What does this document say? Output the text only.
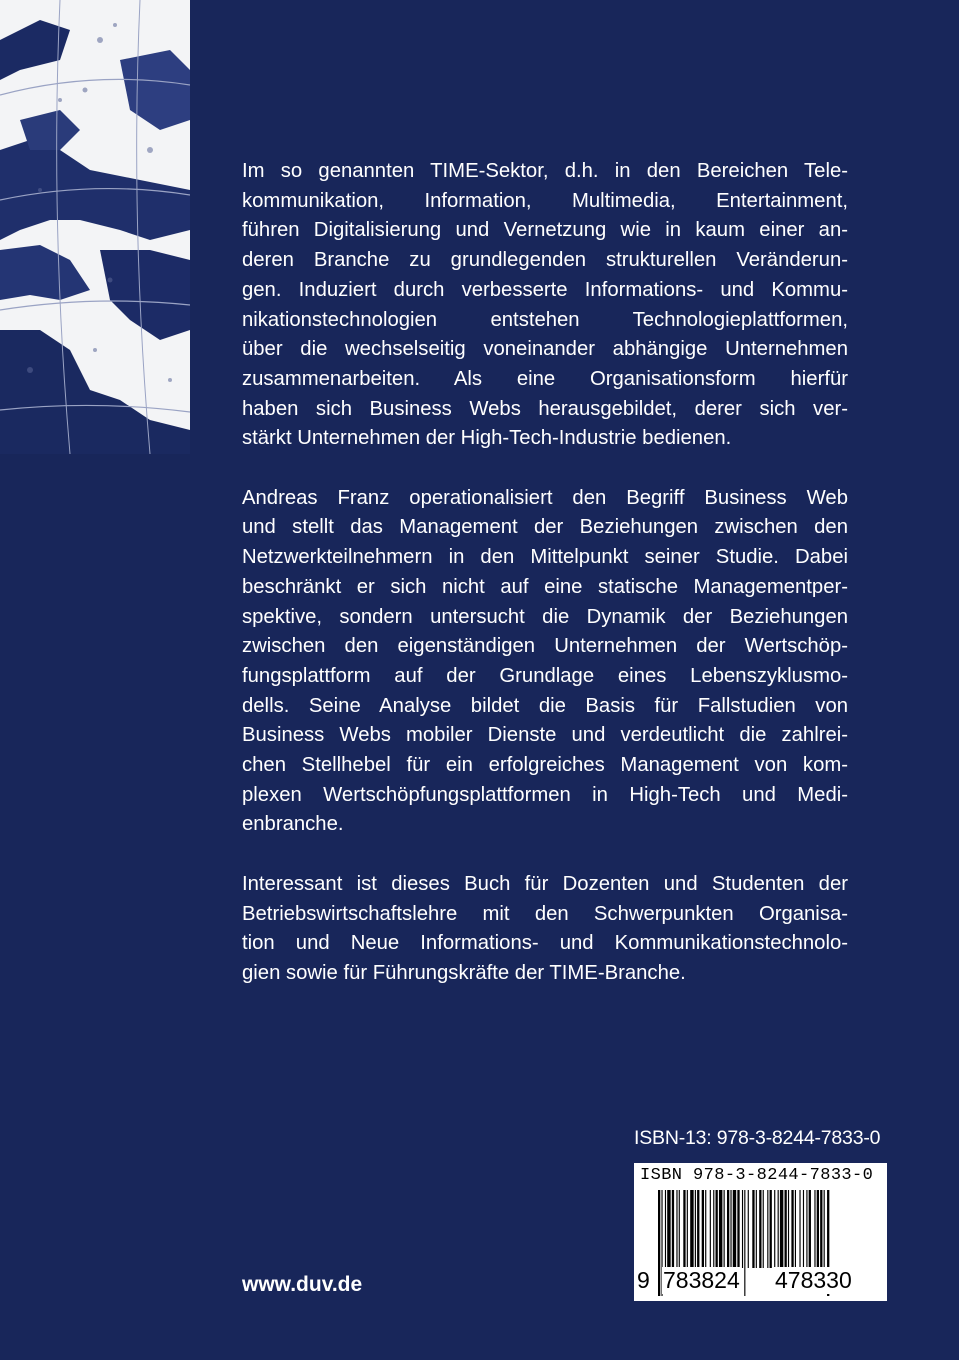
Im so genannten TIME-Sektor, d.h. in den Bereichen Tele-
kommunikation, Information, Multimedia, Entertainment,
führen Digitalisierung und Vernetzung wie in kaum einer an-
deren Branche zu grundlegenden strukturellen Veränderun-
gen. Induziert durch verbesserte Informations- und Kommu-
nikationstechnologien entstehen Technologieplattformen,
über die wechselseitig voneinander abhängige Unternehmen
zusammenarbeiten. Als eine Organisationsform hierfür
haben sich Business Webs herausgebildet, derer sich ver-
stärkt Unternehmen der High-Tech-Industrie bedienen.

Andreas Franz operationalisiert den Begriff Business Web
und stellt das Management der Beziehungen zwischen den
Netzwerkteilnehmern in den Mittelpunkt seiner Studie. Dabei
beschränkt er sich nicht auf eine statische Managementper-
spektive, sondern untersucht die Dynamik der Beziehungen
zwischen den eigenständigen Unternehmen der Wertschöp-
fungsplattform auf der Grundlage eines Lebenszyklusmo-
dells. Seine Analyse bildet die Basis für Fallstudien von
Business Webs mobiler Dienste und verdeutlicht die zahlrei-
chen Stellhebel für ein erfolgreiches Management von kom-
plexen Wertschöpfungsplattformen in High-Tech und Medi-
enbranche.

Interessant ist dieses Buch für Dozenten und Studenten der
Betriebswirtschaftslehre mit den Schwerpunkten Organisa-
tion und Neue Informations- und Kommunikationstechnolo-
gien sowie für Führungskräfte der TIME-Branche.

ISBN-13: 978-3-8244-7833-0
ISBN 978-3-8244-7833-0
9 783824 478330
www.duv.de
